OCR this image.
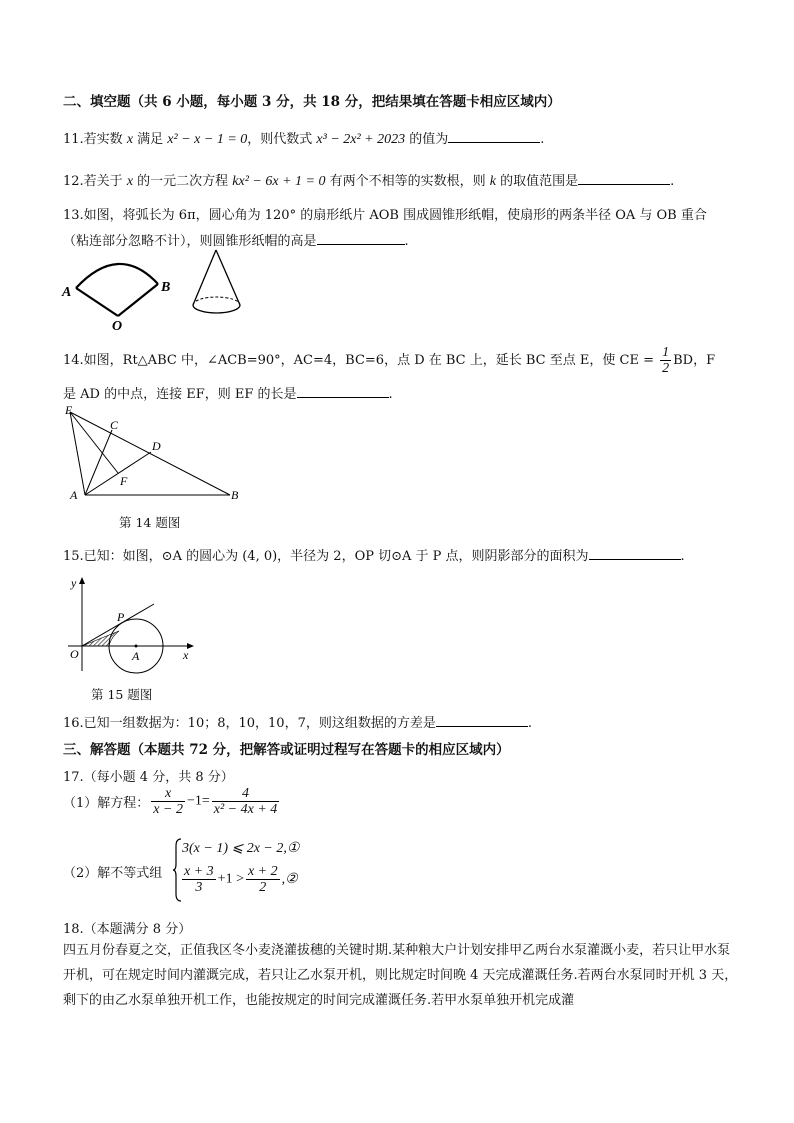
二、填空题（共 6 小题，每小题 3 分，共 18 分，把结果填在答题卡相应区域内）
11.若实数 x 满足 x² − x − 1 = 0，则代数式 x³ − 2x² + 2023 的值为	.
12.若关于 x 的一元二次方程 kx² − 6x + 1 = 0 有两个不相等的实数根，则 k 的取值范围是	.
13.如图，将弧长为 6π，圆心角为 120° 的扇形纸片 AOB 围成圆锥形纸帽，使扇形的两条半径 OA 与 OB 重合
（粘连部分忽略不计），则圆锥形纸帽的高是	.
A	B
O
14.如图，Rt△ABC 中，∠ACB=90°，AC=4，BC=6，点 D 在 BC 上，延长 BC 至点 E，使 CE = $\frac{1}{2}$ BD，F
是 AD 的中点，连接 EF，则 EF 的长是	.
E
C
D
F
A	B
第 14 题图
15.已知：如图，⊙A 的圆心为 (4, 0)，半径为 2，OP 切⊙A 于 P 点，则阴影部分的面积为	.
y
x
O
P
A
第 15 题图
16.已知一组数据为：10；8，10，10，7，则这组数据的方差是	.
三、解答题（本题共 72 分，把解答或证明过程写在答题卡的相应区域内）
17.（每小题 4 分，共 8 分）
（1）解方程： $\frac{x}{x - 2} -1= \frac{4}{\text{x² − 4x + 4}}$
（2）解不等式组
3(x − 1) ⩽ 2x − 2,①
$\frac{x + 3}{3} +1 > \frac{x + 2}{2}$ ,②
18.（本题满分 8 分）
四五月份春夏之交，正值我区冬小麦浇灌拔穗的关键时期.某种粮大户计划安排甲乙两台水泵灌溉小麦，若只让甲水泵开机，可在规定时间内灌溉完成，若只让乙水泵开机，则比规定时间晚 4 天完成灌溉任务.若两台水泵同时开机 3 天，剩下的由乙水泵单独开机工作，也能按规定的时间完成灌溉任务.若甲水泵单独开机完成灌
